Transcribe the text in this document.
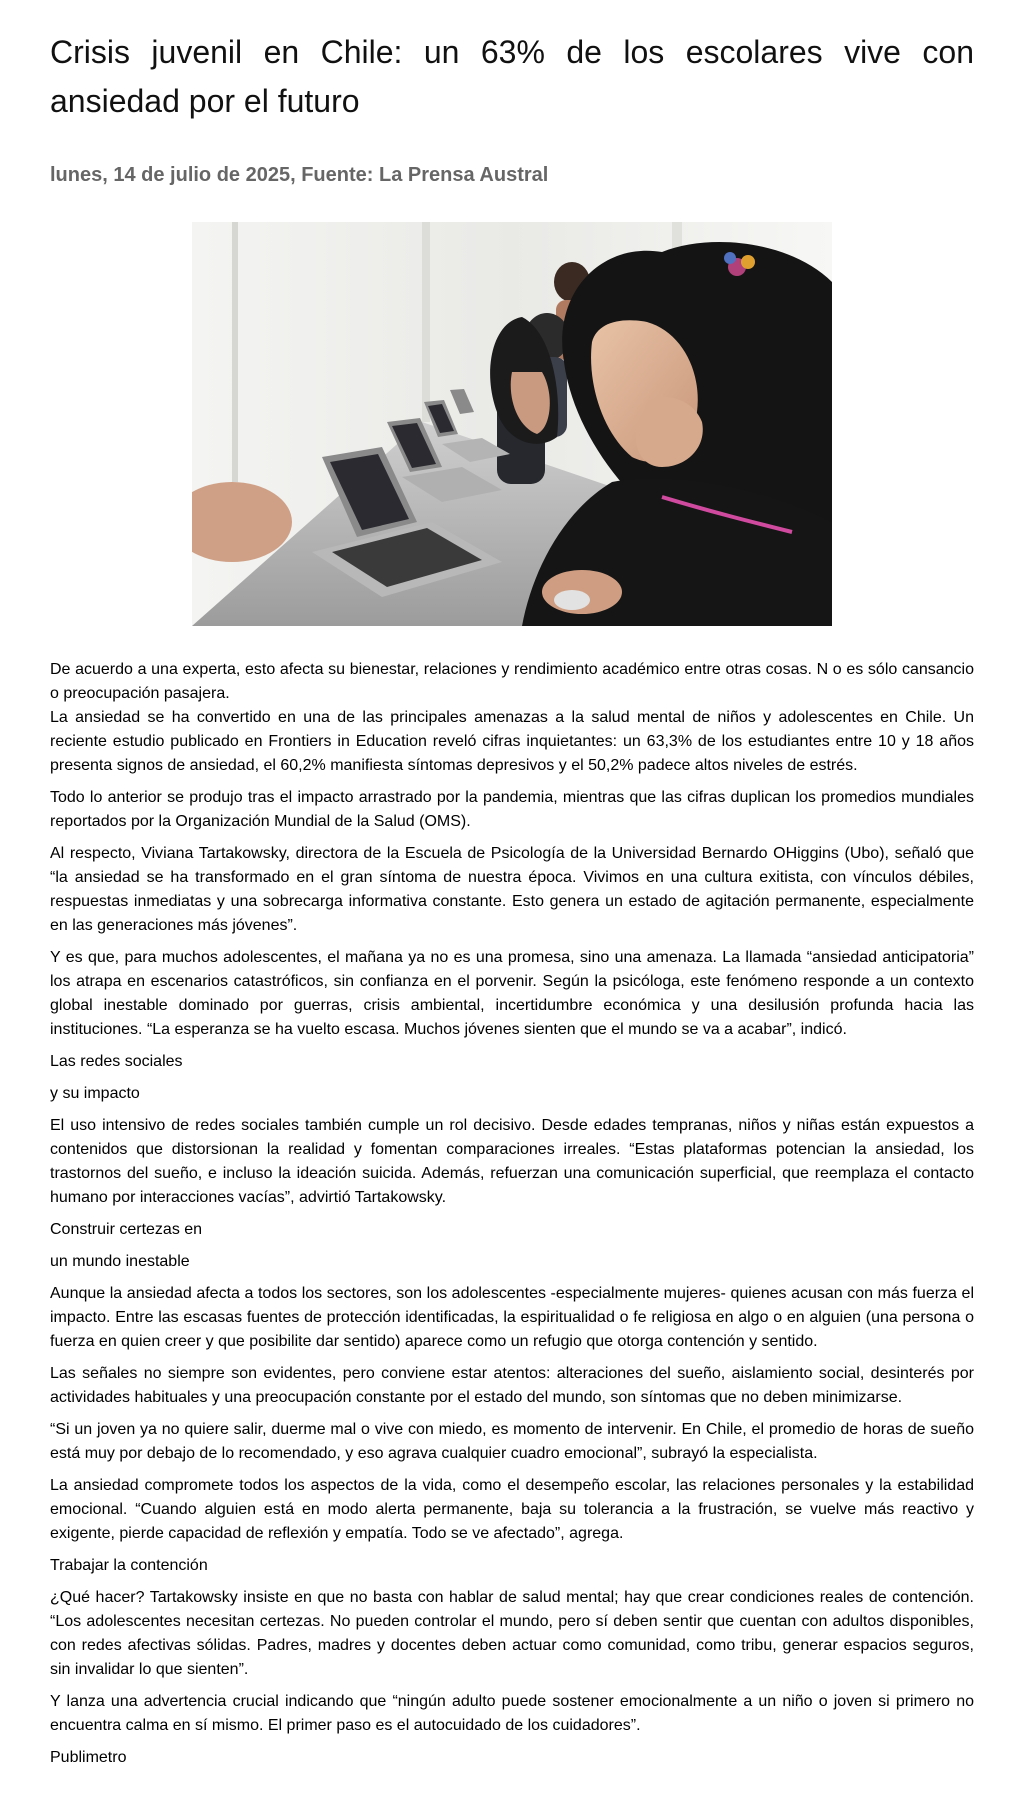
Crisis juvenil en Chile: un 63% de los escolares vive con ansiedad por el futuro
lunes, 14 de julio de 2025, Fuente: La Prensa Austral

De acuerdo a una experta, esto afecta su bienestar, relaciones y rendimiento académico entre otras cosas. N o es sólo cansancio o preocupación pasajera.

La ansiedad se ha convertido en una de las principales amenazas a la salud mental de niños y adolescentes en Chile. Un reciente estudio publicado en Frontiers in Education reveló cifras inquietantes: un 63,3% de los estudiantes entre 10 y 18 años presenta signos de ansiedad, el 60,2% manifiesta síntomas depresivos y el 50,2% padece altos niveles de estrés.

Todo lo anterior se produjo tras el impacto arrastrado por la pandemia, mientras que las cifras duplican los promedios mundiales reportados por la Organización Mundial de la Salud (OMS).

Al respecto, Viviana Tartakowsky, directora de la Escuela de Psicología de la Universidad Bernardo OHiggins (Ubo), señaló que “la ansiedad se ha transformado en el gran síntoma de nuestra época. Vivimos en una cultura exitista, con vínculos débiles, respuestas inmediatas y una sobrecarga informativa constante. Esto genera un estado de agitación permanente, especialmente en las generaciones más jóvenes”.

Y es que, para muchos adolescentes, el mañana ya no es una promesa, sino una amenaza. La llamada “ansiedad anticipatoria” los atrapa en escenarios catastróficos, sin confianza en el porvenir. Según la psicóloga, este fenómeno responde a un contexto global inestable dominado por guerras, crisis ambiental, incertidumbre económica y una desilusión profunda hacia las instituciones. “La esperanza se ha vuelto escasa. Muchos jóvenes sienten que el mundo se va a acabar”, indicó.

Las redes sociales

y su impacto

El uso intensivo de redes sociales también cumple un rol decisivo. Desde edades tempranas, niños y niñas están expuestos a contenidos que distorsionan la realidad y fomentan comparaciones irreales. “Estas plataformas potencian la ansiedad, los trastornos del sueño, e incluso la ideación suicida. Además, refuerzan una comunicación superficial, que reemplaza el contacto humano por interacciones vacías”, advirtió Tartakowsky.

Construir certezas en

un mundo inestable

Aunque la ansiedad afecta a todos los sectores, son los adolescentes -especialmente mujeres- quienes acusan con más fuerza el impacto. Entre las escasas fuentes de protección identificadas, la espiritualidad o fe religiosa en algo o en alguien (una persona o fuerza en quien creer y que posibilite dar sentido) aparece como un refugio que otorga contención y sentido.

Las señales no siempre son evidentes, pero conviene estar atentos: alteraciones del sueño, aislamiento social, desinterés por actividades habituales y una preocupación constante por el estado del mundo, son síntomas que no deben minimizarse.

“Si un joven ya no quiere salir, duerme mal o vive con miedo, es momento de intervenir. En Chile, el promedio de horas de sueño está muy por debajo de lo recomendado, y eso agrava cualquier cuadro emocional”, subrayó la especialista.

La ansiedad compromete todos los aspectos de la vida, como el desempeño escolar, las relaciones personales y la estabilidad emocional. “Cuando alguien está en modo alerta permanente, baja su tolerancia a la frustración, se vuelve más reactivo y exigente, pierde capacidad de reflexión y empatía. Todo se ve afectado”, agrega.

Trabajar la contención

¿Qué hacer? Tartakowsky insiste en que no basta con hablar de salud mental; hay que crear condiciones reales de contención. “Los adolescentes necesitan certezas. No pueden controlar el mundo, pero sí deben sentir que cuentan con adultos disponibles, con redes afectivas sólidas. Padres, madres y docentes deben actuar como comunidad, como tribu, generar espacios seguros, sin invalidar lo que sienten”.

Y lanza una advertencia crucial indicando que “ningún adulto puede sostener emocionalmente a un niño o joven si primero no encuentra calma en sí mismo. El primer paso es el autocuidado de los cuidadores”.

Publimetro
